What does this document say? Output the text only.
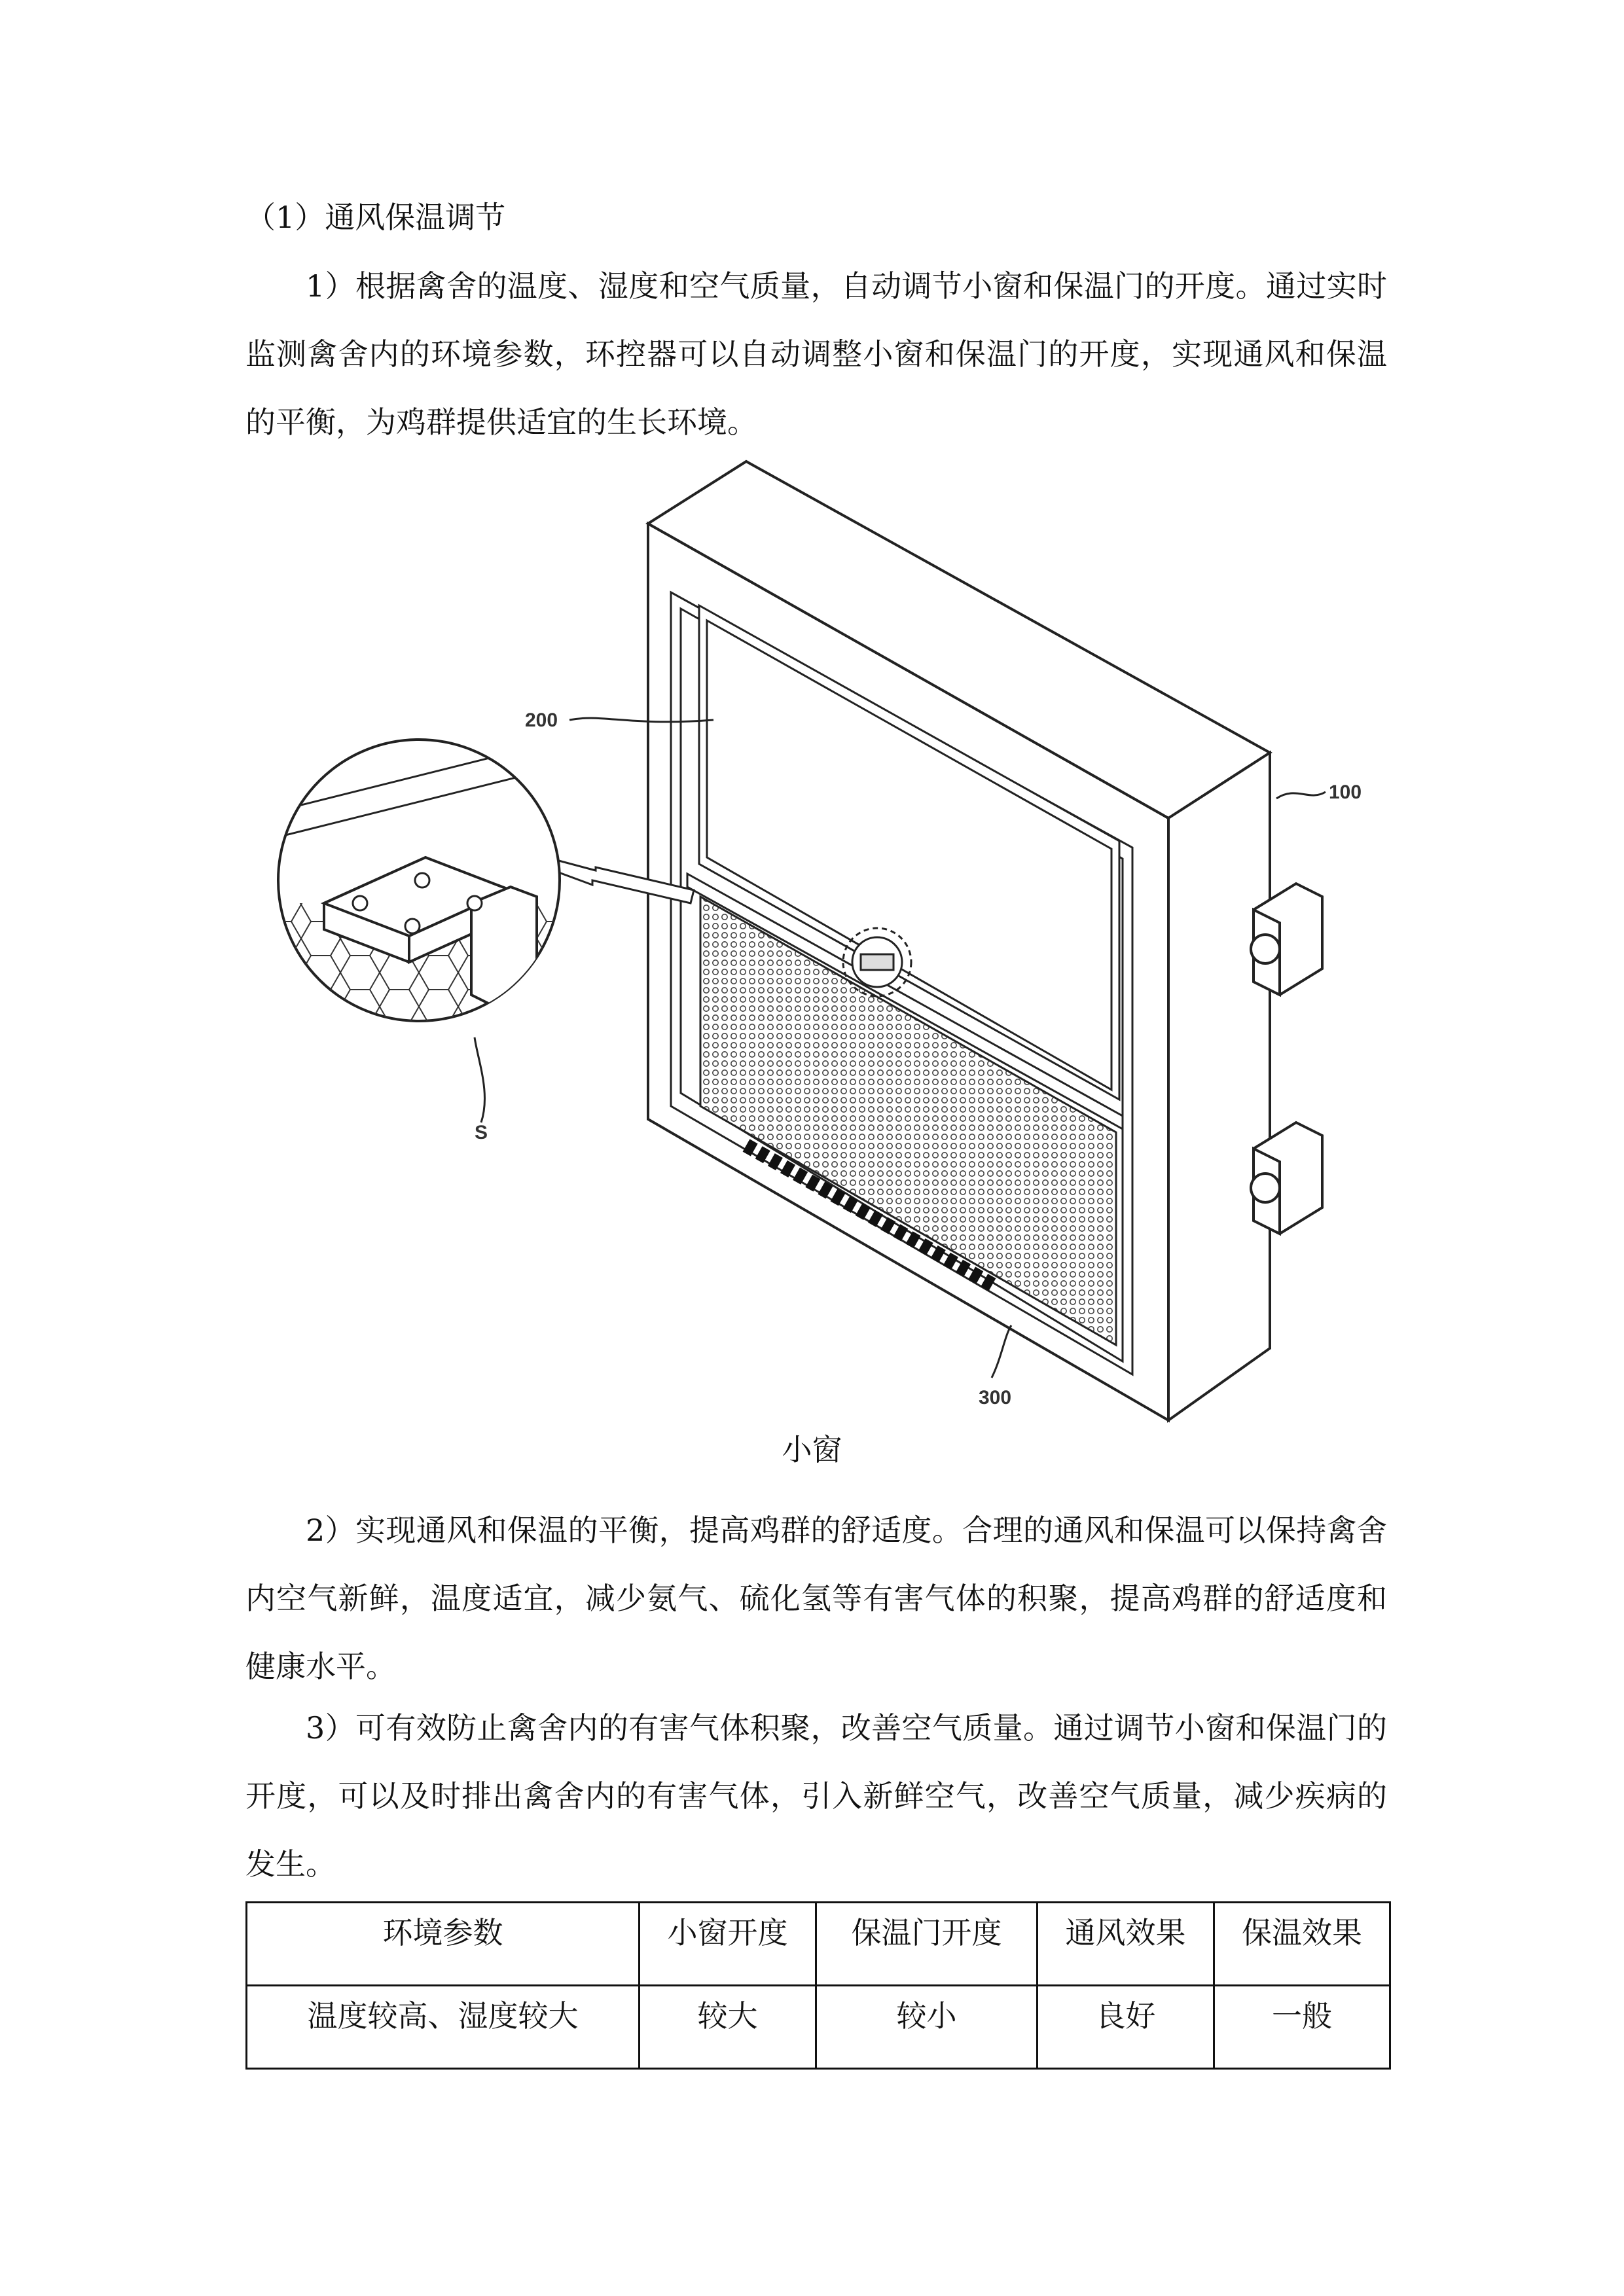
（1）通风保温调节

1）根据禽舍的温度、湿度和空气质量，自动调节小窗和保温门的开度。通过实时监测禽舍内的环境参数，环控器可以自动调整小窗和保温门的开度，实现通风和保温的平衡，为鸡群提供适宜的生长环境。

200
100
300
S
小窗

2）实现通风和保温的平衡，提高鸡群的舒适度。合理的通风和保温可以保持禽舍内空气新鲜，温度适宜，减少氨气、硫化氢等有害气体的积聚，提高鸡群的舒适度和健康水平。

3）可有效防止禽舍内的有害气体积聚，改善空气质量。通过调节小窗和保温门的开度，可以及时排出禽舍内的有害气体，引入新鲜空气，改善空气质量，减少疾病的发生。

环境参数	小窗开度	保温门开度	通风效果	保温效果
温度较高、湿度较大	较大	较小	良好	一般
